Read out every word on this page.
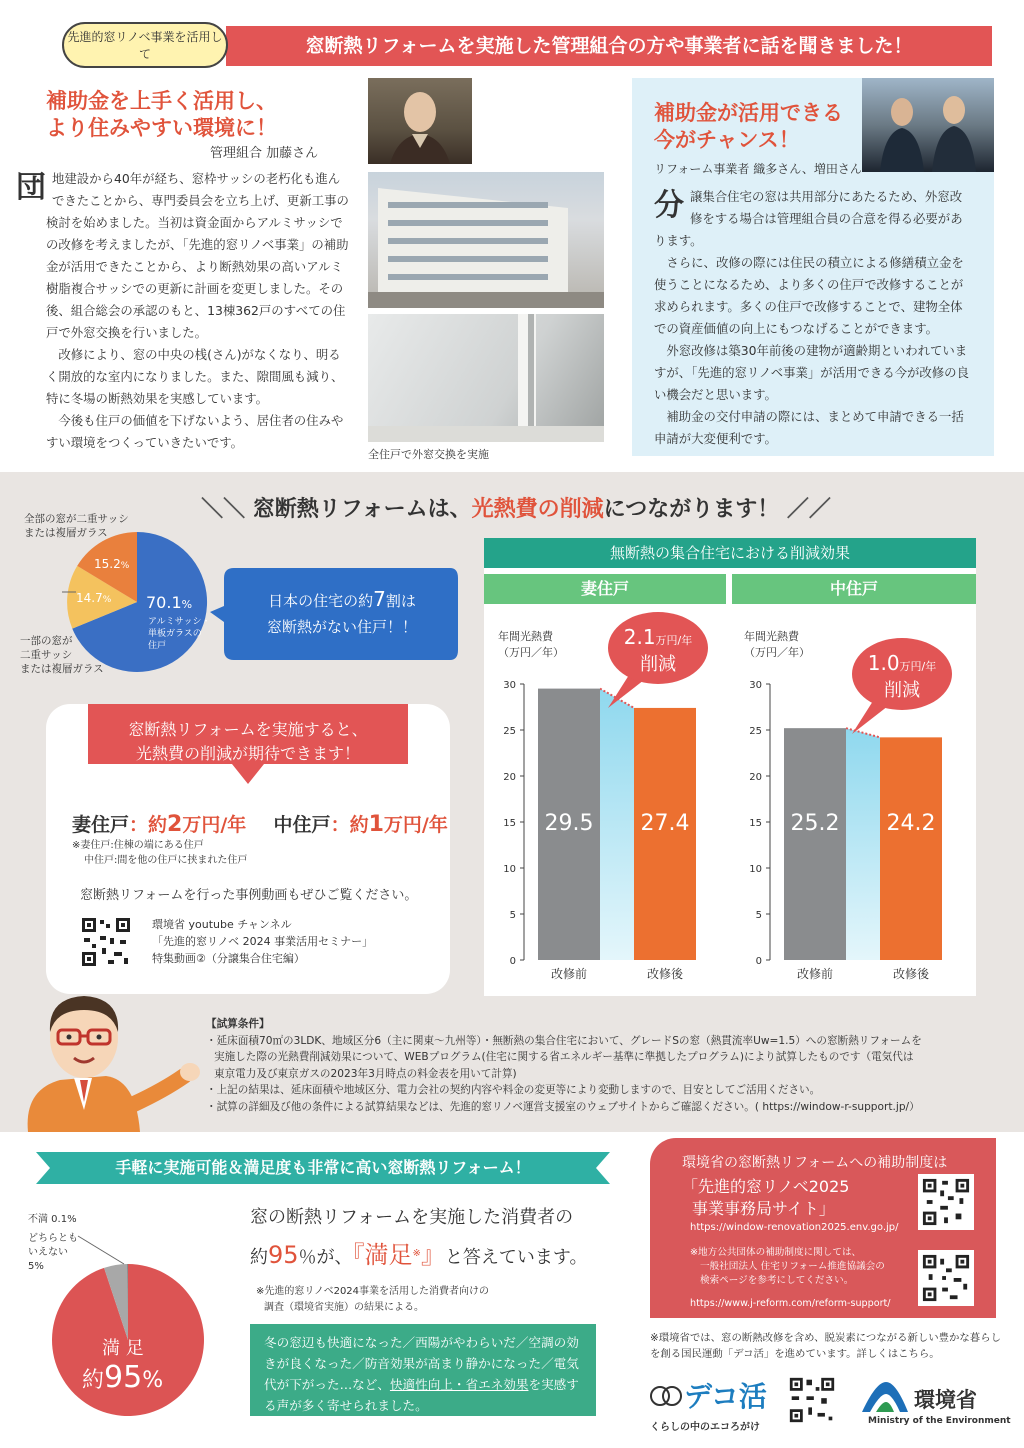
先進的窓リノベ事業を活用して	窓断熱リフォームを実施した管理組合の方や事業者に話を聞きました！
補助金を上手く活用し、
より住みやすい環境に！
管理組合 加藤さん

団地建設から40年が経ち、窓枠サッシの老朽化も進んできたことから、専門委員会を立ち上げ、更新工事の検討を始めました。当初は資金面からアルミサッシでの改修を考えましたが、「先進的窓リノベ事業」の補助金が活用できたことから、より断熱効果の高いアルミ樹脂複合サッシでの更新に計画を変更しました。その後、組合総会の承認のもと、13棟362戸のすべての住戸で外窓交換を行いました。

改修により、窓の中央の桟(さん)がなくなり、明るく開放的な室内になりました。また、隙間風も減り、特に冬場の断熱効果を実感しています。

今後も住戸の価値を下げないよう、居住者の住みやすい環境をつくっていきたいです。

全住戸で外窓交換を実施
補助金が活用できる
今がチャンス！
リフォーム事業者 織多さん、増田さん

分譲集合住宅の窓は共用部分にあたるため、外窓改修をする場合は管理組合員の合意を得る必要があります。

さらに、改修の際には住民の積立による修繕積立金を使うことになるため、より多くの住戸で改修することが求められます。多くの住戸で改修することで、建物全体での資産価値の向上にもつなげることができます。

外窓改修は築30年前後の建物が適齢期といわれていますが、「先進的窓リノベ事業」が活用できる今が改修の良い機会だと思います。

補助金の交付申請の際には、まとめて申請できる一括申請が大変便利です。

＼＼ 窓断熱リフォームは、光熱費の削減につながります！ ／／
全部の窓が二重サッシ
または複層ガラス
一部の窓が
二重サッシ
または複層ガラス
15.2%
14.7% 70.1%
アルミサッシ・
単板ガラスの
住戸
日本の住宅の約7割は
窓断熱がない住戸！！
窓断熱リフォームを実施すると、
光熱費の削減が期待できます！
妻住戸：約2万円/年 中住戸：約1万円/年
※妻住戸:住棟の端にある住戸
中住戸:間を他の住戸に挟まれた住戸
窓断熱リフォームを行った事例動画もぜひご覧ください。
環境省 youtube チャンネル
「先進的窓リノベ 2024 事業活用セミナー」
特集動画②（分譲集合住宅編）
無断熱の集合住宅における削減効果
妻住戸	中住戸
年間光熱費
（万円／年）
0
5
10
15
20
25
30
29.5 27.4
改修前	改修後
2.1万円/年
削減
年間光熱費
（万円／年）
0
5
10
15
20
25
30
25.2 24.2
改修前	改修後
1.0万円/年
削減
【試算条件】
・延床面積70㎡の3LDK、地域区分6（主に関東〜九州等）・無断熱の集合住宅において、グレードSの窓（熱貫流率Uw=1.5）への窓断熱リフォームを
実施した際の光熱費削減効果について、WEBプログラム(住宅に関する省エネルギー基準に準拠したプログラム)により試算したものです（電気代は
東京電力及び東京ガスの2023年3月時点の料金表を用いて計算)
・上記の結果は、延床面積や地域区分、電力会社の契約内容や料金の変更等により変動しますので、目安としてご活用ください。
・試算の詳細及び他の条件による試算結果などは、先進的窓リノベ運営支援室のウェブサイトからご確認ください。( https://window-r-support.jp/）
手軽に実施可能＆満足度も非常に高い窓断熱リフォーム！
不満 0.1%
どちらとも
いえない
5%
満 足
約95%
窓の断熱リフォームを実施した消費者の
約95％が、『満足※』と答えています。
※先進的窓リノベ2024事業を活用した消費者向けの
調査（環境省実施）の結果による。
冬の窓辺も快適になった／西陽がやわらいだ／空調の効きが良くなった／防音効果が高まり静かになった／電気代が下がった…など、快適性向上・省エネ効果を実感する声が多く寄せられました。
環境省の窓断熱リフォームへの補助制度は
「先進的窓リノベ2025
事業事務局サイト」
https://window-renovation2025.env.go.jp/
※地方公共団体の補助制度に関しては、
一般社団法人 住宅リフォーム推進協議会の
検索ページを参考にしてください。
https://www.j-reform.com/reform-support/
※環境省では、窓の断熱改修を含め、脱炭素につながる新しい豊かな暮らしを創る国民運動「デコ活」を進めています。詳しくはこちら。
デコ活
くらしの中のエコろがけ
環境省
Ministry of the Environment
